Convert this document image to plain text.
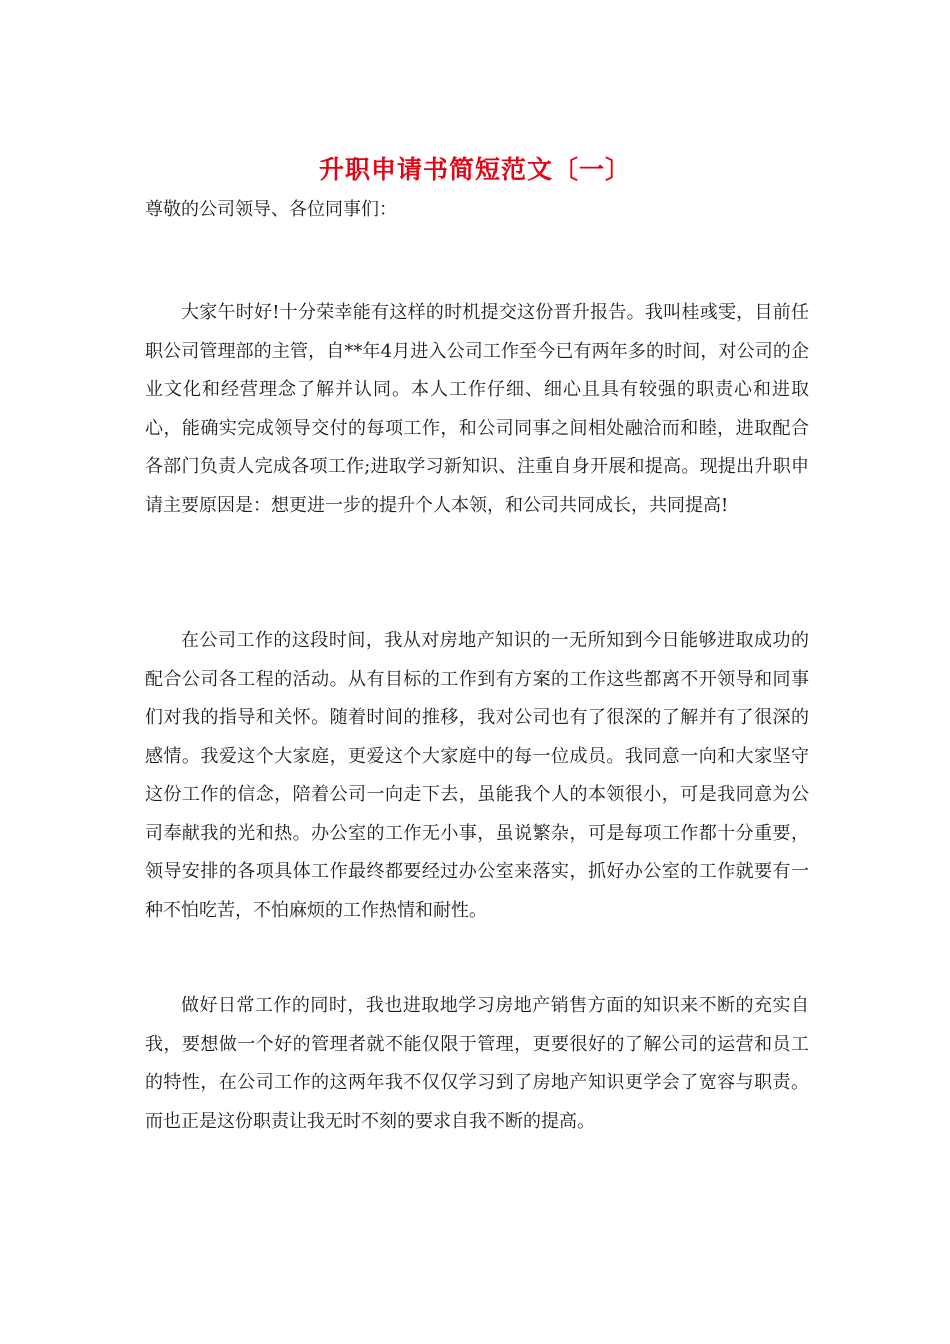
升职申请书简短范文〔一〕
尊敬的公司领导、各位同事们：

大家午时好!十分荣幸能有这样的时机提交这份晋升报告。我叫桂彧雯，目前任职公司管理部的主管，自**年4月进入公司工作至今已有两年多的时间，对公司的企业文化和经营理念了解并认同。本人工作仔细、细心且具有较强的职责心和进取心，能确实完成领导交付的每项工作，和公司同事之间相处融洽而和睦，进取配合各部门负责人完成各项工作;进取学习新知识、注重自身开展和提高。现提出升职申请主要原因是：想更进一步的提升个人本领，和公司共同成长，共同提高!

在公司工作的这段时间，我从对房地产知识的一无所知到今日能够进取成功的配合公司各工程的活动。从有目标的工作到有方案的工作这些都离不开领导和同事们对我的指导和关怀。随着时间的推移，我对公司也有了很深的了解并有了很深的感情。我爱这个大家庭，更爱这个大家庭中的每一位成员。我同意一向和大家坚守这份工作的信念，陪着公司一向走下去，虽能我个人的本领很小，可是我同意为公司奉献我的光和热。办公室的工作无小事，虽说繁杂，可是每项工作都十分重要，领导安排的各项具体工作最终都要经过办公室来落实，抓好办公室的工作就要有一种不怕吃苦，不怕麻烦的工作热情和耐性。

做好日常工作的同时，我也进取地学习房地产销售方面的知识来不断的充实自我，要想做一个好的管理者就不能仅限于管理，更要很好的了解公司的运营和员工的特性，在公司工作的这两年我不仅仅学习到了房地产知识更学会了宽容与职责。而也正是这份职责让我无时不刻的要求自我不断的提高。
